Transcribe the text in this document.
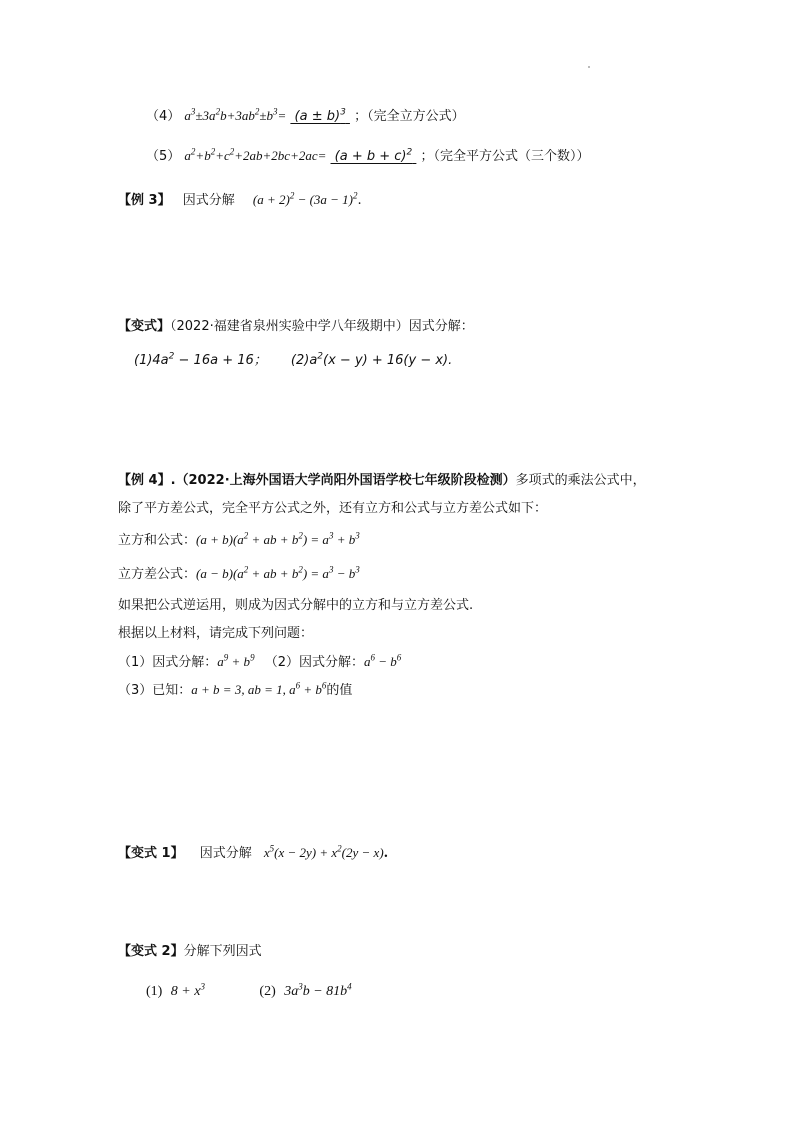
（4） $a^3\pm 3a^2b+3ab^2\pm b^3= (a \pm b)^3$ ；（完全立方公式）
（5） $a^2+b^2+c^2+2ab+2bc+2ac= (a + b + c)^2$ ；（完全平方公式（三个数））
【例 3】 因式分解 $(a + 2)^2 - (3a - 1)^2$.
【变式】（2022·福建省泉州实验中学八年级期中）因式分解：
$(1)4a^2 - 16a + 16$； $(2)a^2(x - y) + 16(y - x)$.
【例 4】.（2022·上海外国语大学尚阳外国语学校七年级阶段检测）多项式的乘法公式中，
除了平方差公式，完全平方公式之外，还有立方和公式与立方差公式如下：
立方和公式：$(a + b)(a^2$ + ab + $b^2) = a^3 + b^3$
立方差公式：$(a - b)(a^2$ + ab + $b^2) = a^3 - b^3$
如果把公式逆运用，则成为因式分解中的立方和与立方差公式.
根据以上材料，请完成下列问题：
（1）因式分解：$a^9 + b^9$ （2）因式分解：$a^6 - b^6$
（3）已知：a + b = 3, ab = 1, $a^6 + b^6$的值
【变式 1】 因式分解 $x^5(x - 2y) + x^2(2y - x)$.
【变式 2】分解下列因式
(1) $8 + x^3$	(2) $3a^3b - 81b^4$
